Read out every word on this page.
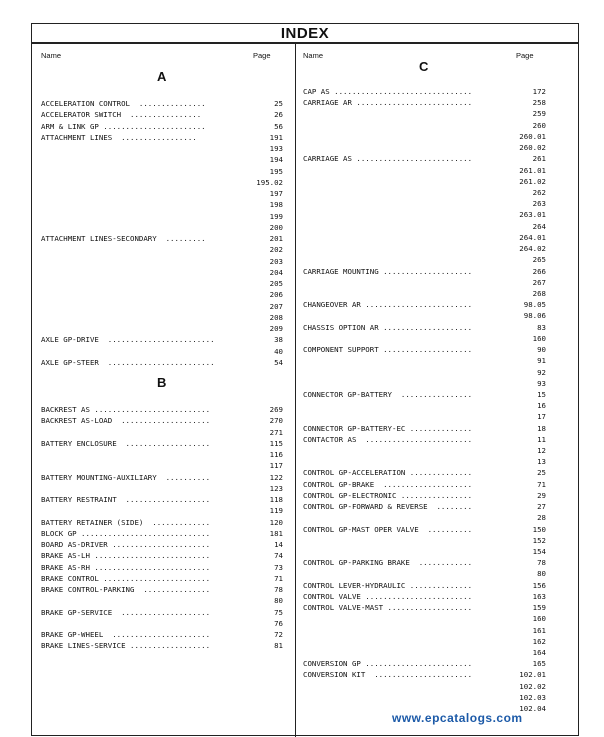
INDEX
Name	Page	Name	Page
A
ACCELERATION CONTROL  ...............	25
ACCELERATOR SWITCH  ................	26
ARM & LINK GP .......................	56
ATTACHMENT LINES  .................	191
193
194
195
195.02
197
198
199
200
ATTACHMENT LINES-SECONDARY  .........	201
202
203
204
205
206
207
208
209
AXLE GP-DRIVE  ........................	38
40
AXLE GP-STEER  ........................	54
B
BACKREST AS ..........................	269
BACKREST AS-LOAD  ....................	270
271
BATTERY ENCLOSURE  ...................	115
116
117
BATTERY MOUNTING-AUXILIARY  ..........	122
123
BATTERY RESTRAINT  ...................	118
119
BATTERY RETAINER (SIDE)  .............	120
BLOCK GP .............................	181
BOARD AS-DRIVER ......................	14
BRAKE AS-LH ..........................	74
BRAKE AS-RH ..........................	73
BRAKE CONTROL ........................	71
BRAKE CONTROL-PARKING  ...............	78
80
BRAKE GP-SERVICE  ....................	75
76
BRAKE GP-WHEEL  ......................	72
BRAKE LINES-SERVICE ..................	81
C
CAP AS ...............................	172
CARRIAGE AR ..........................	258
259
260
260.01
260.02
CARRIAGE AS ..........................	261
261.01
261.02
262
263
263.01
264
264.01
264.02
265
CARRIAGE MOUNTING ....................	266
267
268
CHANGEOVER AR ........................	98.05
98.06
CHASSIS OPTION AR ....................	83
160
COMPONENT SUPPORT ....................	90
91
92
93
CONNECTOR GP-BATTERY  ................	15
16
17
CONNECTOR GP-BATTERY-EC ..............	18
CONTACTOR AS  ........................	11
12
13
CONTROL GP-ACCELERATION ..............	25
CONTROL GP-BRAKE  ....................	71
CONTROL GP-ELECTRONIC ................	29
CONTROL GP-FORWARD & REVERSE  ........	27
28
CONTROL GP-MAST OPER VALVE  ..........	150
152
154
CONTROL GP-PARKING BRAKE  ............	78
80
CONTROL LEVER-HYDRAULIC ..............	156
CONTROL VALVE ........................	163
CONTROL VALVE-MAST ...................	159
160
161
162
164
CONVERSION GP ........................	165
CONVERSION KIT  ......................	102.01
102.02
102.03
102.04
www.epcatalogs.com
